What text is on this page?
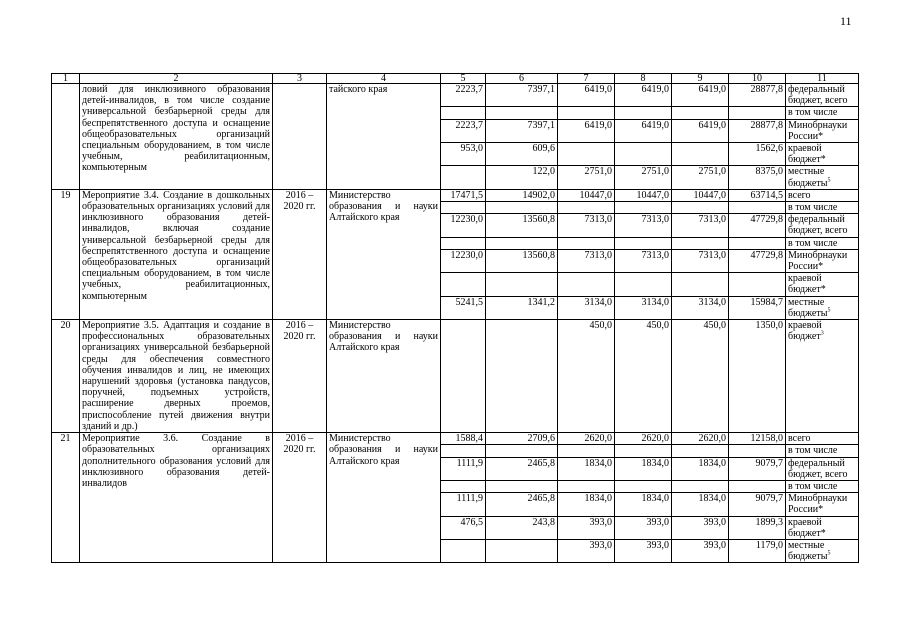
11
1	2	3	4	5	6	7	8	9	10	11
	ловий для инклюзивного образования детей-инвалидов, в том числе создание универсальной безбарьерной среды для беспрепятственного доступа и оснащение общеобразовательных организаций специальным оборудованием, в том числе учебным, реабилитационным, компьютерным		тайского края	2223,7	7397,1	6419,0	6419,0	6419,0	28877,8	федеральный бюджет, всего
										в том числе
				2223,7	7397,1	6419,0	6419,0	6419,0	28877,8	Минобрнауки России*
				953,0	609,6				1562,6	краевой бюджет*
					122,0	2751,0	2751,0	2751,0	8375,0	местные бюджеты$^5$
19	Мероприятие 3.4. Создание в дошкольных образовательных организациях условий для инклюзивного образования детей-инвалидов, включая создание универсальной безбарьерной среды для беспрепятственного доступа и оснащение общеобразовательных организаций специальным оборудованием, в том числе учебных, реабилитационных, компьютерным	2016 – 2020 гг.	Министерство образования и науки Алтайского края	17471,5	14902,0	10447,0	10447,0	10447,0	63714,5	всего
										в том числе
				12230,0	13560,8	7313,0	7313,0	7313,0	47729,8	федеральный бюджет, всего
										в том числе
				12230,0	13560,8	7313,0	7313,0	7313,0	47729,8	Минобрнауки России*
										краевой бюджет*
				5241,5	1341,2	3134,0	3134,0	3134,0	15984,7	местные бюджеты$^5$
20	Мероприятие 3.5. Адаптация и создание в профессиональных образовательных организациях универсальной безбарьерной среды для обеспечения совместного обучения инвалидов и лиц, не имеющих нарушений здоровья (установка пандусов, поручней, подъемных устройств, расширение дверных проемов, приспособление путей движения внутри зданий и др.)	2016 – 2020 гг.	Министерство образования и науки Алтайского края			450,0	450,0	450,0	1350,0	краевой бюджет$^3$
21	Мероприятие 3.6. Создание в образовательных организациях дополнительного образования условий для инклюзивного образования детей-инвалидов	2016 – 2020 гг.	Министерство образования и науки Алтайского края	1588,4	2709,6	2620,0	2620,0	2620,0	12158,0	всего
										в том числе
				1111,9	2465,8	1834,0	1834,0	1834,0	9079,7	федеральный бюджет, всего
										в том числе
				1111,9	2465,8	1834,0	1834,0	1834,0	9079,7	Минобрнауки России*
				476,5	243,8	393,0	393,0	393,0	1899,3	краевой бюджет*
						393,0	393,0	393,0	1179,0	местные бюджеты$^5$
